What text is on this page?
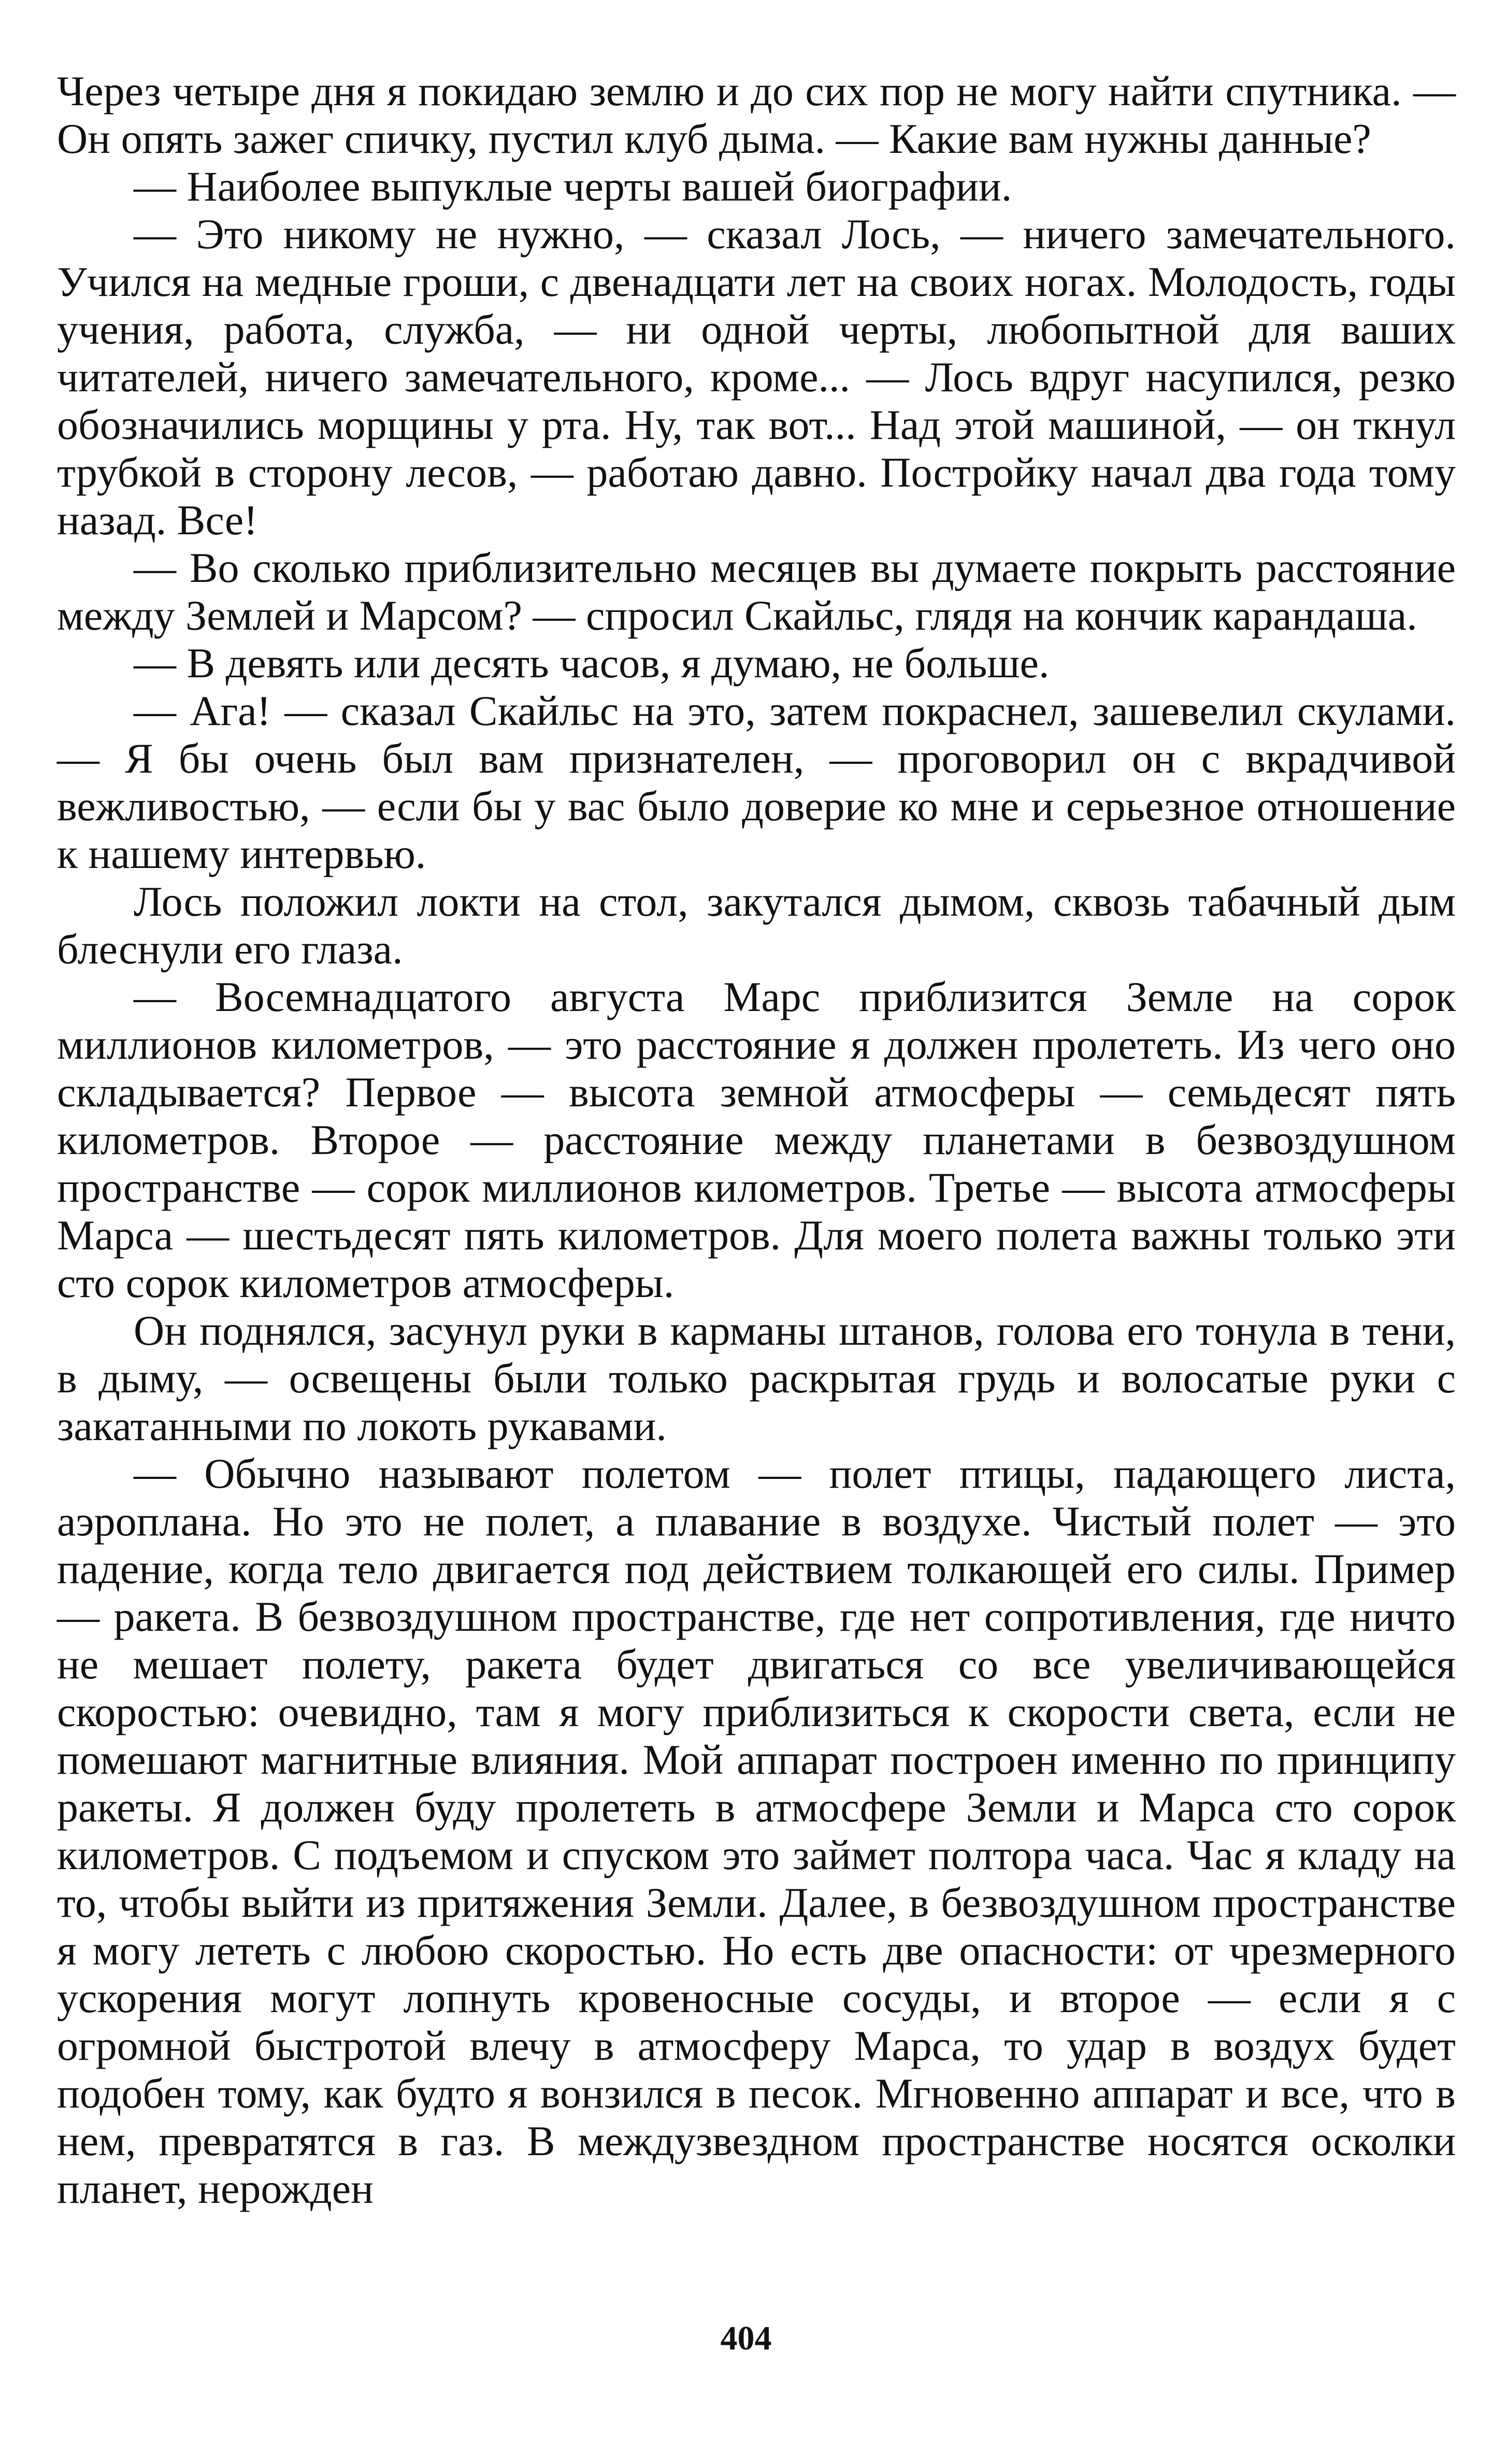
Через четыре дня я покидаю землю и до сих пор не могу найти спутника. — Он опять зажег спичку, пустил клуб дыма. — Какие вам нужны данные?

— Наиболее выпуклые черты вашей биографии.

— Это никому не нужно, — сказал Лось, — ничего замечательного. Учился на медные гроши, с двенадцати лет на своих ногах. Молодость, годы учения, работа, служба, — ни одной черты, любопытной для ваших читателей, ничего замечательного, кроме... — Лось вдруг насупился, резко обозначились морщины у рта. Ну, так вот... Над этой машиной, — он ткнул трубкой в сторону лесов, — работаю давно. Постройку начал два года тому назад. Все!

— Во сколько приблизительно месяцев вы думаете покрыть расстояние между Землей и Марсом? — спросил Скайльс, глядя на кончик карандаша.

— В девять или десять часов, я думаю, не больше.

— Ага! — сказал Скайльс на это, затем покраснел, зашевелил скулами. — Я бы очень был вам признателен, — проговорил он с вкрадчивой вежливостью, — если бы у вас было доверие ко мне и серьезное отношение к нашему интервью.

Лось положил локти на стол, закутался дымом, сквозь табачный дым блеснули его глаза.

— Восемнадцатого августа Марс приблизится Земле на сорок миллионов километров, — это расстояние я должен пролететь. Из чего оно складывается? Первое — высота земной атмосферы — семьдесят пять километров. Второе — расстояние между планетами в безвоздушном пространстве — сорок миллионов километров. Третье — высота атмосферы Марса — шестьдесят пять километров. Для моего полета важны только эти сто сорок километров атмосферы.

Он поднялся, засунул руки в карманы штанов, голова его тонула в тени, в дыму, — освещены были только раскрытая грудь и волосатые руки с закатанными по локоть рукавами.

— Обычно называют полетом — полет птицы, падающего листа, аэроплана. Но это не полет, а плавание в воздухе. Чистый полет — это падение, когда тело двигается под действием толкающей его силы. Пример — ракета. В безвоздушном пространстве, где нет сопротивления, где ничто не мешает полету, ракета будет двигаться со все увеличивающейся скоростью: очевидно, там я могу приблизиться к скорости света, если не помешают магнитные влияния. Мой аппарат построен именно по принципу ракеты. Я должен буду пролететь в атмосфере Земли и Марса сто сорок километров. С подъемом и спуском это займет полтора часа. Час я кладу на то, чтобы выйти из притяжения Земли. Далее, в безвоздушном пространстве я могу лететь с любою скоростью. Но есть две опасности: от чрезмерного ускорения могут лопнуть кровеносные сосуды, и второе — если я с огромной быстротой влечу в атмосферу Марса, то удар в воздух будет подобен тому, как будто я вонзился в песок. Мгновенно аппарат и все, что в нем, превратятся в газ. В междузвездном пространстве носятся осколки планет, нерожден

404
